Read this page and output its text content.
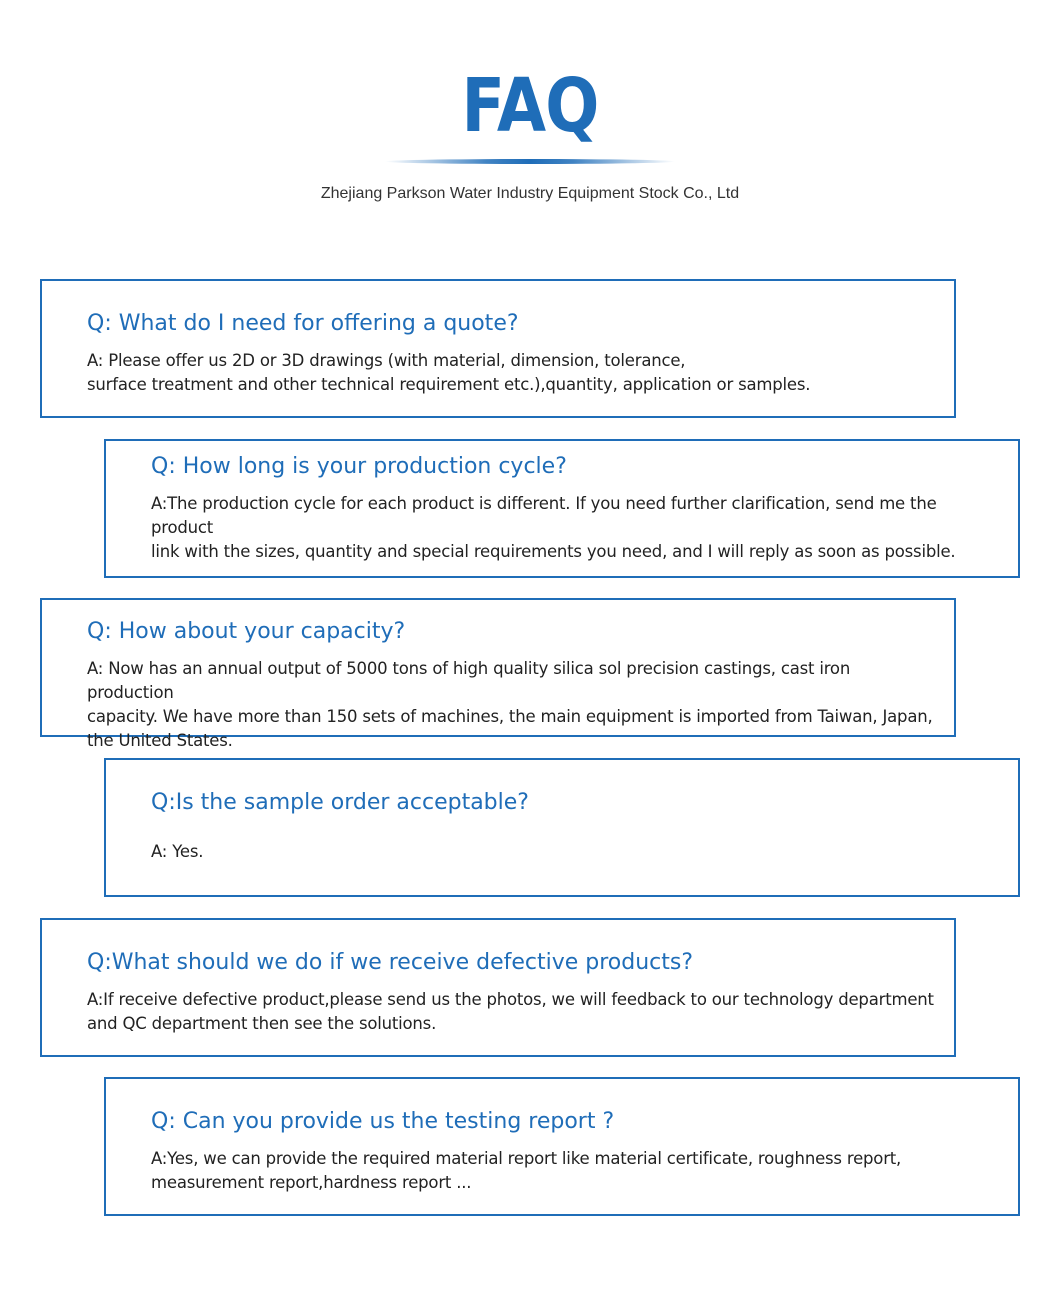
FAQ
Zhejiang Parkson Water Industry Equipment Stock Co., Ltd
Q: What do I need for offering a quote?
A: Please offer us 2D or 3D drawings (with material, dimension, tolerance,
surface treatment and other technical requirement etc.),quantity, application or samples.
Q: How long is your production cycle?
A:The production cycle for each product is different. If you need further clarification, send me the product
link with the sizes, quantity and special requirements you need, and I will reply as soon as possible.
Q: How about your capacity?
A: Now has an annual output of 5000 tons of high quality silica sol precision castings, cast iron production
capacity. We have more than 150 sets of machines, the main equipment is imported from Taiwan, Japan,
the United States.
Q:Is the sample order acceptable?
A: Yes.
Q:What should we do if we receive defective products?
A:If receive defective product,please send us the photos, we will feedback to our technology department
and QC department then see the solutions.
Q: Can you provide us the testing report ?
A:Yes, we can provide the required material report like material certificate, roughness report,
measurement report,hardness report ...
